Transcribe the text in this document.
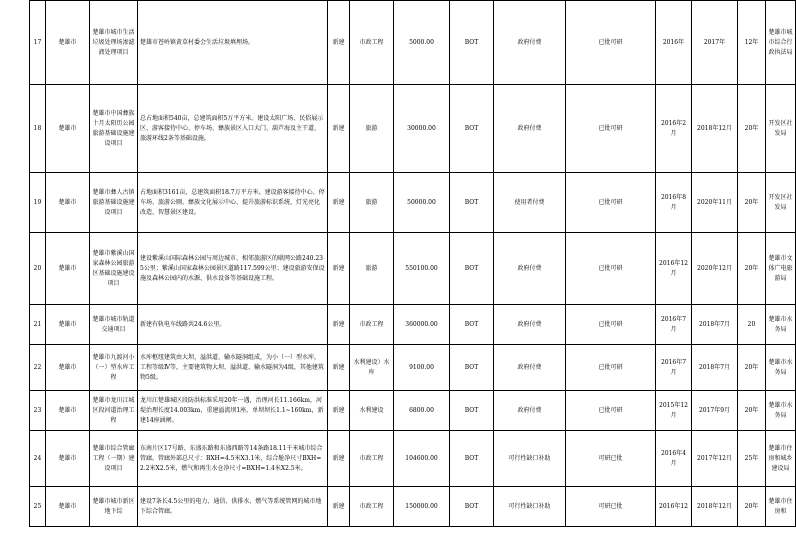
17	楚雄市	楚雄市城市生活垃圾处理场渗滤液处理项目	楚雄市苍岭镇黄草村委会生活垃圾填埋场。	新建	市政工程	5000.00	BOT	政府付费	已批可研	2016年	2017年	12年	楚雄市城市综合行政执法局
18	楚雄市	楚雄市中国彝族十月太阳历公园旅游基础设施建设项目	总占地面积540亩，总建筑面积5万平方米。建设太阳广场、民俗展示区、游客接待中心、停车场、彝族景区入口大门、葫芦海及主干道、旅游环线2条等基础设施。	新建	旅游	30000.00	BOT	政府付费	已批可研	2016年2月	2018年12月	20年	开发区社发局
19	楚雄市	楚雄市彝人古镇旅游基础设施建设项目	占地面积3161亩，总建筑面积18.7万平方米。建设游客接待中心、停车场、旅游公厕、彝族文化展示中心、提升旅游标识系统、灯光亮化改造、智慧景区建设。	新建	旅游	50000.00	BOT	使用者付费	已批可研	2016年8月	2020年11月	20年	开发区社发局
20	楚雄市	楚雄市紫溪山国家森林公园旅游区基础设施建设项目	建设紫溪山国际森林公园与周边城市、相邻旅游区的联网公路240.235公里；紫溪山国家森林公园景区道路117.599公里；建设旅游安保设施及森林公园内的水源、供水设备等基础设施工程。	新建	旅游	550100.00	BOT	政府付费	已批可研	2016年12月	2020年12月	20年	楚雄市文体广电旅游局
21	楚雄市	楚雄市城市轨道交通项目	新建有轨电车线路共24.6公里。	新建	市政工程	360000.00	BOT	政府付费	已批可研	2016年7月	2018年7月	20	楚雄市水务局
22	楚雄市	楚雄市九渡河小（一）型水库工程	水库枢纽建筑由大坝、溢洪道、输水隧洞组成，为小（一）型水库，工程等级Ⅳ等，主要建筑物大坝、溢洪道、输水隧洞为4级，其他建筑物5级。	新建	水利建设）水库	9100.00	BOT	政府付费	已批可研	2016年7月	2018年7月	20年	楚雄市水务局
23	楚雄市	楚雄市龙川江城区段河道治理工程	龙川江楚雄城区段防洪标准采用20年一遇，治理河长11.166km，河堤治理长度14.003km，重建溢流坝1座，单坝坝长1.1~160km，新建14座涵闸。	新建	水利建设	6800.00	BOT	政府付费	已批可研	2015年12月	2017年9月	20年	楚雄市水务局
24	楚雄市	楚雄市综合管廊工程（一期）建设项目	东南片区17号路、东盛东路和东盛西路等14条路18.11千米城市综合管廊。管廊外部总尺寸：BXH=4.5米X3.1米，综合舱净尺寸BXH=2.2米X2.5米，燃气和再生水仓净尺寸=BXH=1.4米X2.5米。	新建	市政工程	104600.00	BOT	可行性缺口补助	可研已批	2016年4月	2017年12月	25年	楚雄市住房和城乡建设局
25	楚雄市	楚雄市城市新区地下综	建设7条长4.5公里的电力、通信、供排水、燃气等系统管网的城市地下综合管廊。	新建	市政工程	150000.00	BOT	可行性缺口补助	可研已批	2016年12	2018年12月	20年	楚雄市住房和
